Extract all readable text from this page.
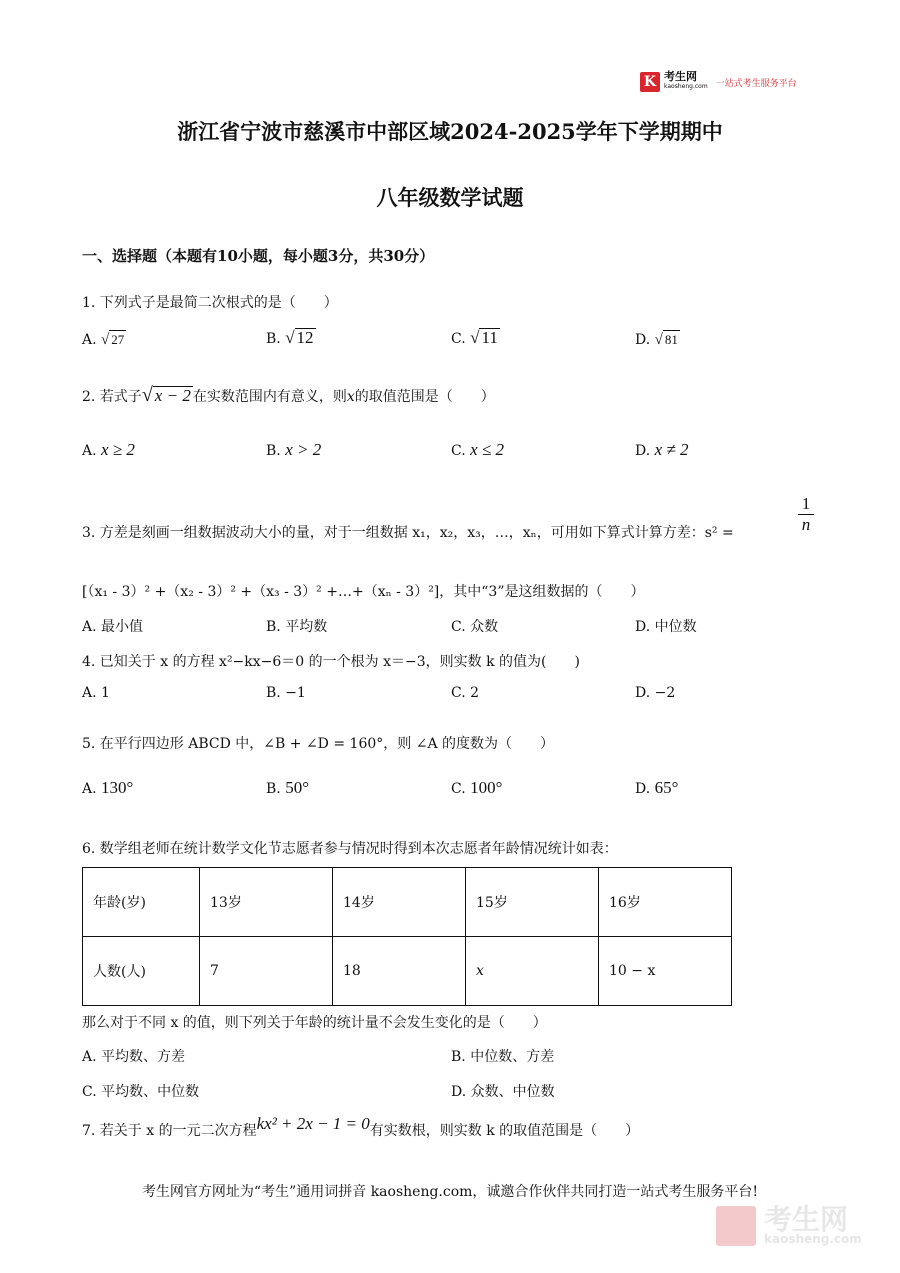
K 考生网
kaosheng.com 一站式考生服务平台
浙江省宁波市慈溪市中部区域2024-2025学年下学期期中
八年级数学试题
一、选择题（本题有10小题，每小题3分，共30分）
1. 下列式子是最简二次根式的是（　　）
A. √ 27	B. √ 12	C. √ 11	D. √ 81
2. 若式子√ x − 2 在实数范围内有意义，则x的取值范围是（　　）
A. x ≥ 2	B. x > 2	C. x ≤ 2	D. x ≠ 2
3. 方差是刻画一组数据波动大小的量，对于一组数据 x₁，x₂，x₃，…，xₙ，可用如下算式计算方差：s² =	$\frac{1}{n}$
[（x₁ - 3）² +（x₂ - 3）² +（x₃ - 3）² +…+（xₙ - 3）²]，其中“3”是这组数据的（　　）
A. 最小值	B. 平均数	C. 众数	D. 中位数
4. 已知关于 x 的方程 x²−kx−6＝0 的一个根为 x＝−3，则实数 k 的值为(　　)
A. 1	B. −1	C. 2	D. −2
5. 在平行四边形 ABCD 中，∠B + ∠D = 160°，则 ∠A 的度数为（　　）
A. 130°	B. 50°	C. 100°	D. 65°
6. 数学组老师在统计数学文化节志愿者参与情况时得到本次志愿者年龄情况统计如表：
年龄(岁)	13岁	14岁	15岁	16岁
人数(人)	7	18	x	10 − x
那么对于不同 x 的值，则下列关于年龄的统计量不会发生变化的是（　　）
A. 平均数、方差	B. 中位数、方差
C. 平均数、中位数	D. 众数、中位数
7. 若关于 x 的一元二次方程kx² + 2x − 1 = 0有实数根，则实数 k 的取值范围是（　　）
考生网官方网址为“考生”通用词拼音 kaosheng.com，诚邀合作伙伴共同打造一站式考生服务平台!
考生网
kaosheng.com
